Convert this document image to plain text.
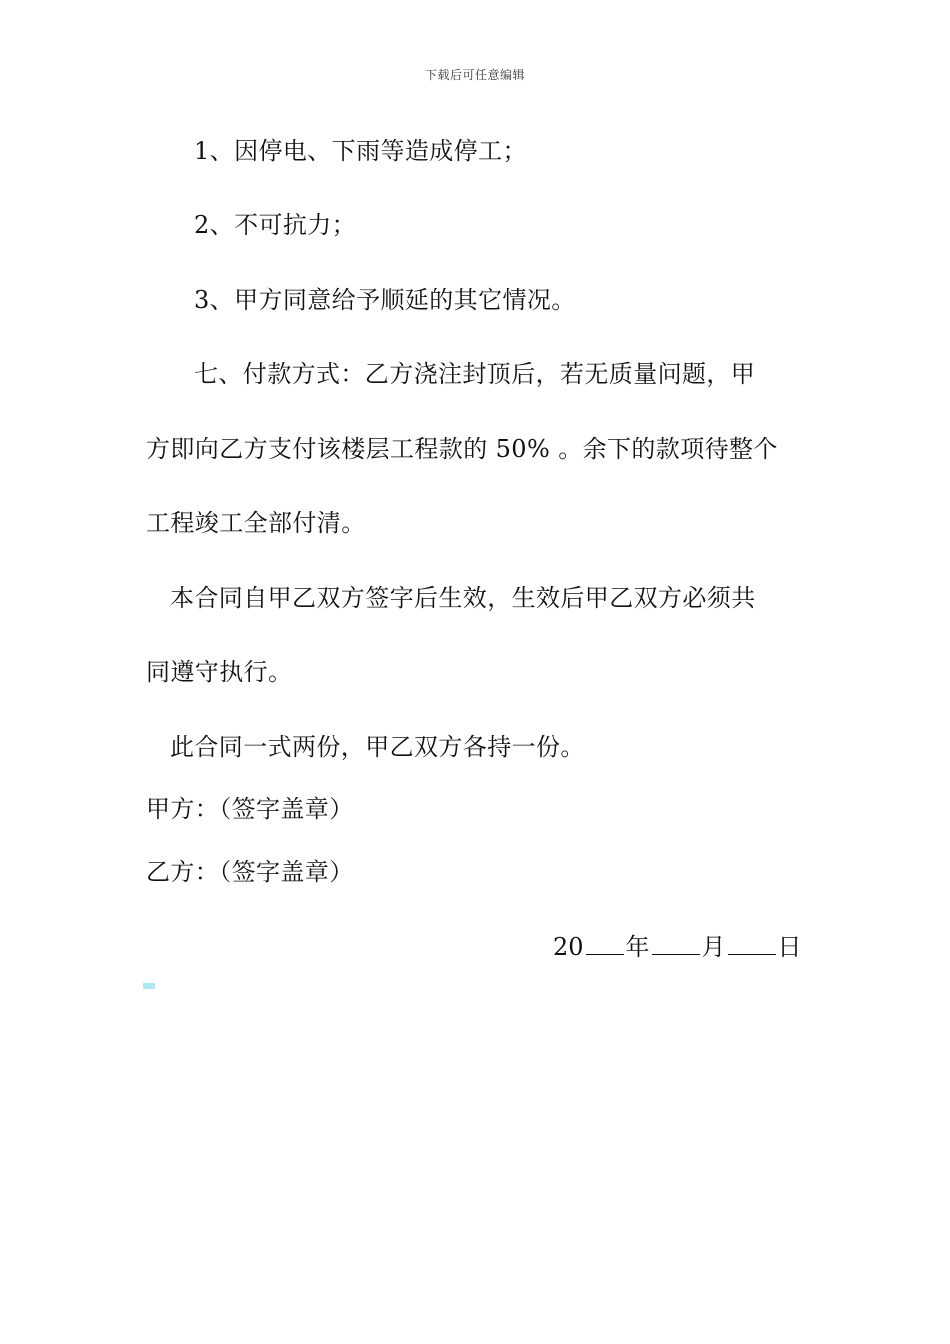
下载后可任意编辑
1、因停电、下雨等造成停工；
2、不可抗力；
3、甲方同意给予顺延的其它情况。
七、付款方式：乙方浇注封顶后，若无质量问题，甲
方即向乙方支付该楼层工程款的 50% 。余下的款项待整个
工程竣工全部付清。
本合同自甲乙双方签字后生效，生效后甲乙双方必须共
同遵守执行。
此合同一式两份，甲乙双方各持一份。
甲方：（签字盖章）
乙方：（签字盖章）
20 年 月 日
